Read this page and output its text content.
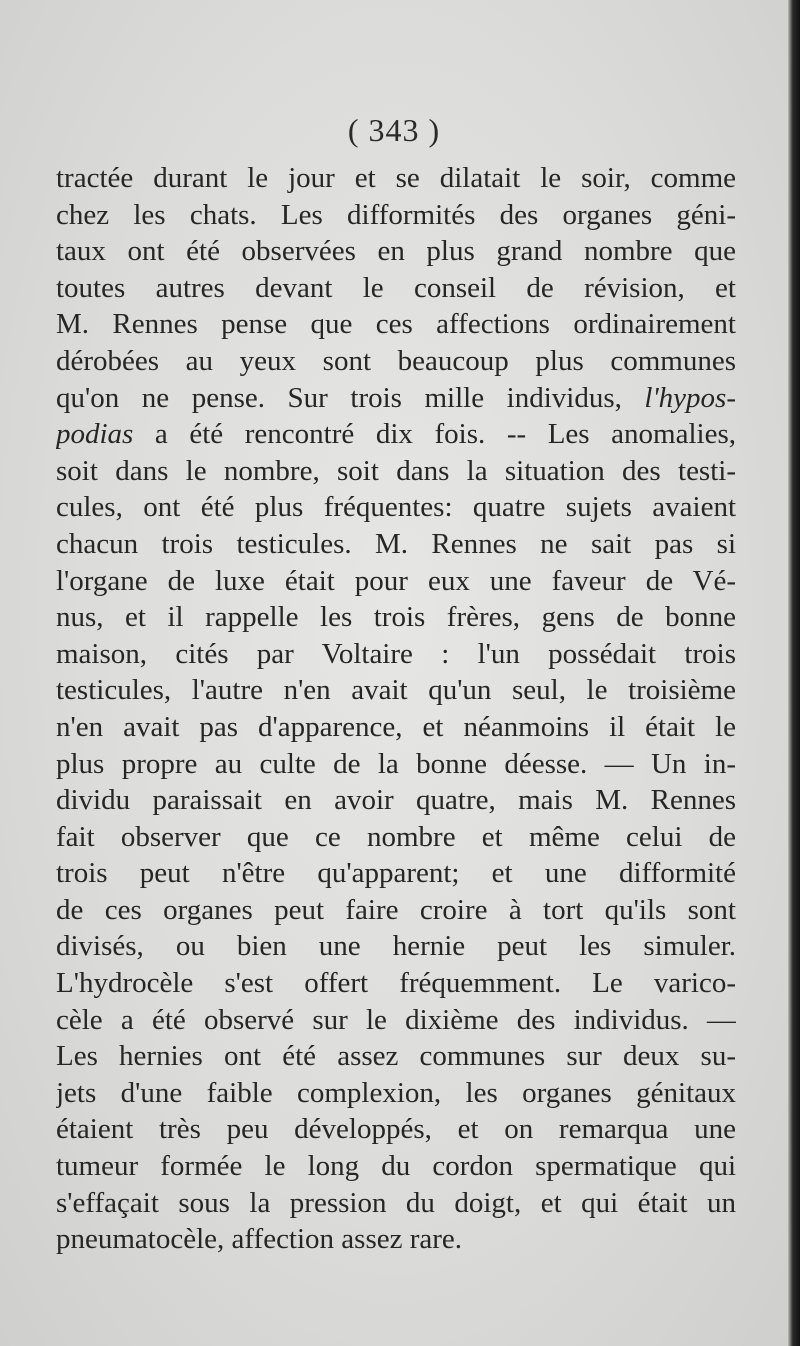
( 343 )
tractée durant le jour et se dilatait le soir, comme
chez les chats. Les difformités des organes géni-
taux ont été observées en plus grand nombre que
toutes autres devant le conseil de révision, et
M. Rennes pense que ces affections ordinairement
dérobées au yeux sont beaucoup plus communes
qu'on ne pense. Sur trois mille individus, l'hypos-
podias a été rencontré dix fois. -- Les anomalies,
soit dans le nombre, soit dans la situation des testi-
cules, ont été plus fréquentes: quatre sujets avaient
chacun trois testicules. M. Rennes ne sait pas si
l'organe de luxe était pour eux une faveur de Vé-
nus, et il rappelle les trois frères, gens de bonne
maison, cités par Voltaire : l'un possédait trois
testicules, l'autre n'en avait qu'un seul, le troisième
n'en avait pas d'apparence, et néanmoins il était le
plus propre au culte de la bonne déesse. — Un in-
dividu paraissait en avoir quatre, mais M. Rennes
fait observer que ce nombre et même celui de
trois peut n'être qu'apparent; et une difformité
de ces organes peut faire croire à tort qu'ils sont
divisés, ou bien une hernie peut les simuler.
L'hydrocèle s'est offert fréquemment. Le varico-
cèle a été observé sur le dixième des individus. —
Les hernies ont été assez communes sur deux su-
jets d'une faible complexion, les organes génitaux
étaient très peu développés, et on remarqua une
tumeur formée le long du cordon spermatique qui
s'effaçait sous la pression du doigt, et qui était un
pneumatocèle, affection assez rare.
